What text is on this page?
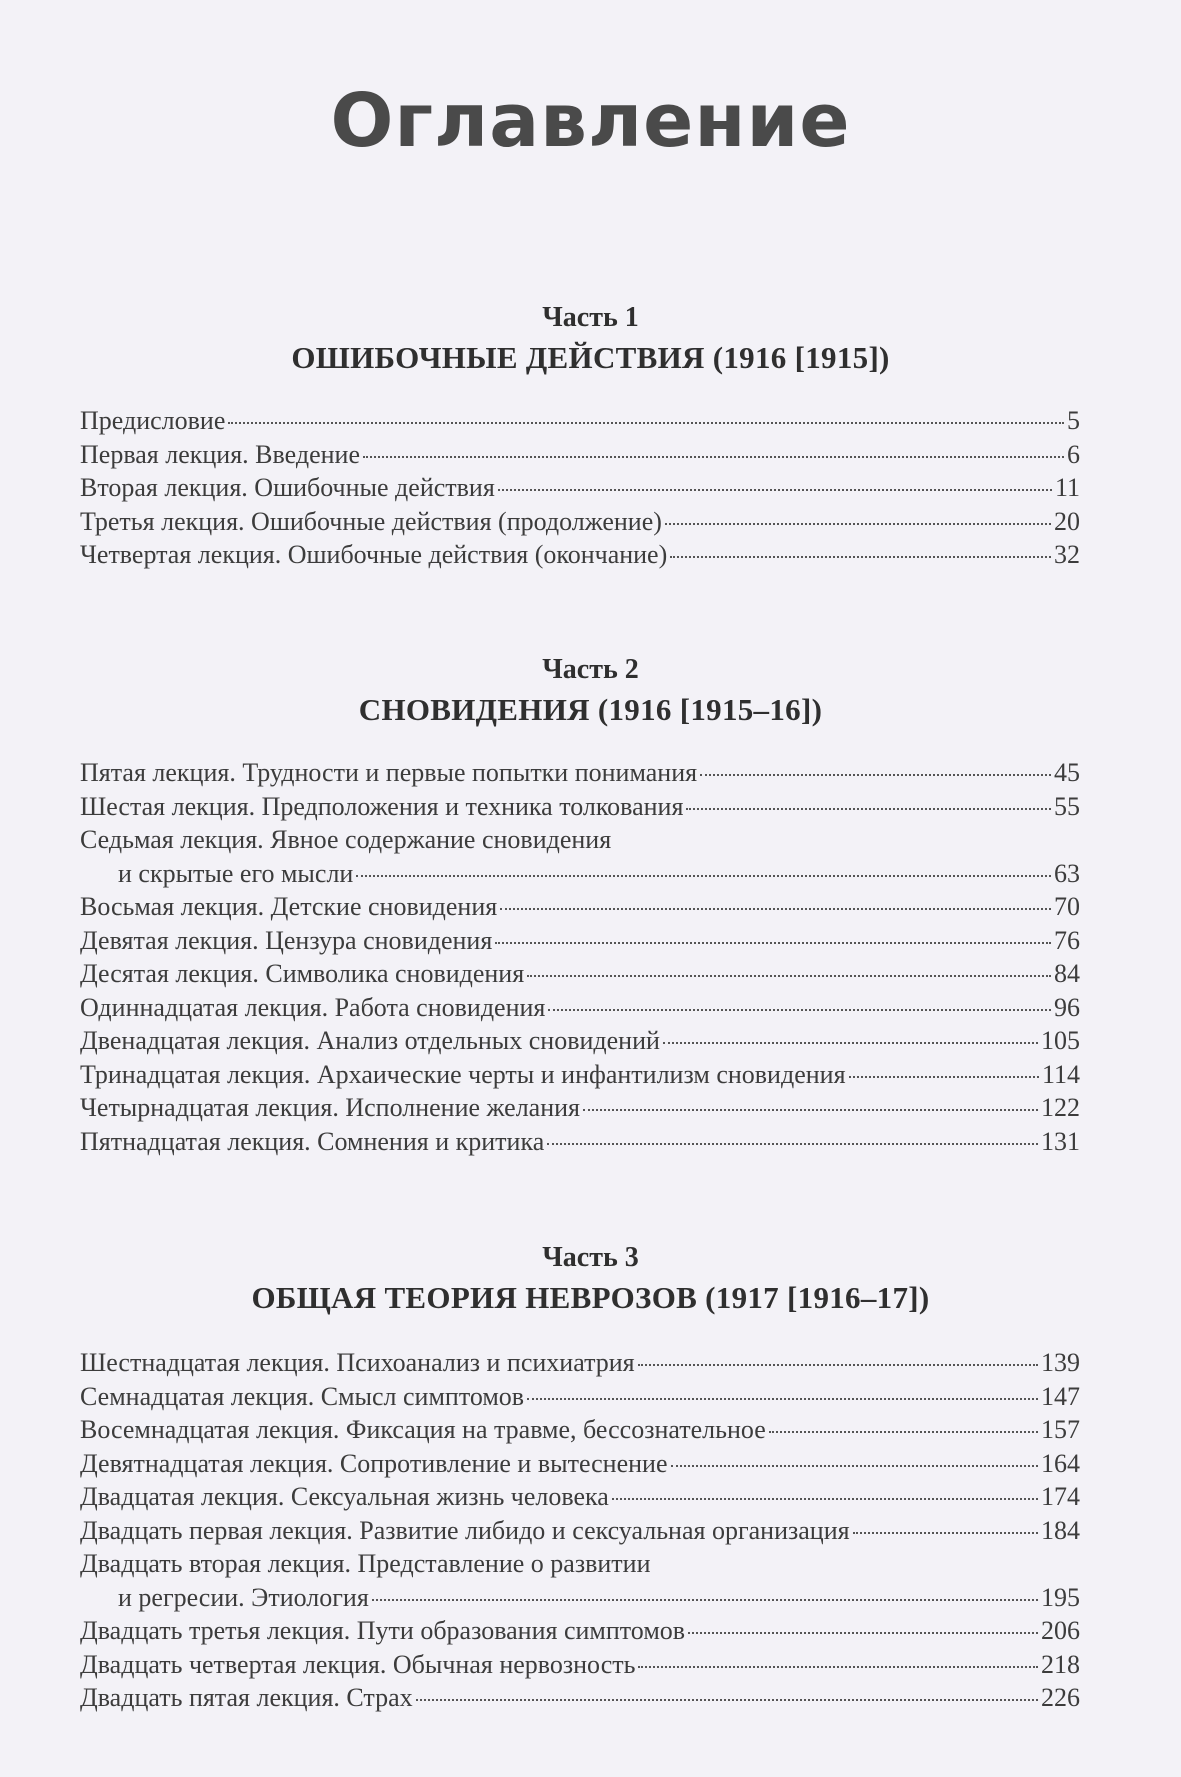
Оглавление
Часть 1
ОШИБОЧНЫЕ ДЕЙСТВИЯ (1916 [1915])
Предисловие	5
Первая лекция. Введение	6
Вторая лекция. Ошибочные действия	11
Третья лекция. Ошибочные действия (продолжение)	20
Четвертая лекция. Ошибочные действия (окончание)	32
Часть 2
СНОВИДЕНИЯ (1916 [1915–16])
Пятая лекция. Трудности и первые попытки понимания	45
Шестая лекция. Предположения и техника толкования	55
Седьмая лекция. Явное содержание сновидения
и скрытые его мысли	63
Восьмая лекция. Детские сновидения	70
Девятая лекция. Цензура сновидения	76
Десятая лекция. Символика сновидения	84
Одиннадцатая лекция. Работа сновидения	96
Двенадцатая лекция. Анализ отдельных сновидений	105
Тринадцатая лекция. Архаические черты и инфантилизм сновидения	114
Четырнадцатая лекция. Исполнение желания	122
Пятнадцатая лекция. Сомнения и критика	131
Часть 3
ОБЩАЯ ТЕОРИЯ НЕВРОЗОВ (1917 [1916–17])
Шестнадцатая лекция. Психоанализ и психиатрия	139
Семнадцатая лекция. Смысл симптомов	147
Восемнадцатая лекция. Фиксация на травме, бессознательное	157
Девятнадцатая лекция. Сопротивление и вытеснение	164
Двадцатая лекция. Сексуальная жизнь человека	174
Двадцать первая лекция. Развитие либидо и сексуальная организация	184
Двадцать вторая лекция. Представление о развитии
и регресии. Этиология	195
Двадцать третья лекция. Пути образования симптомов	206
Двадцать четвертая лекция. Обычная нервозность	218
Двадцать пятая лекция. Страх	226
